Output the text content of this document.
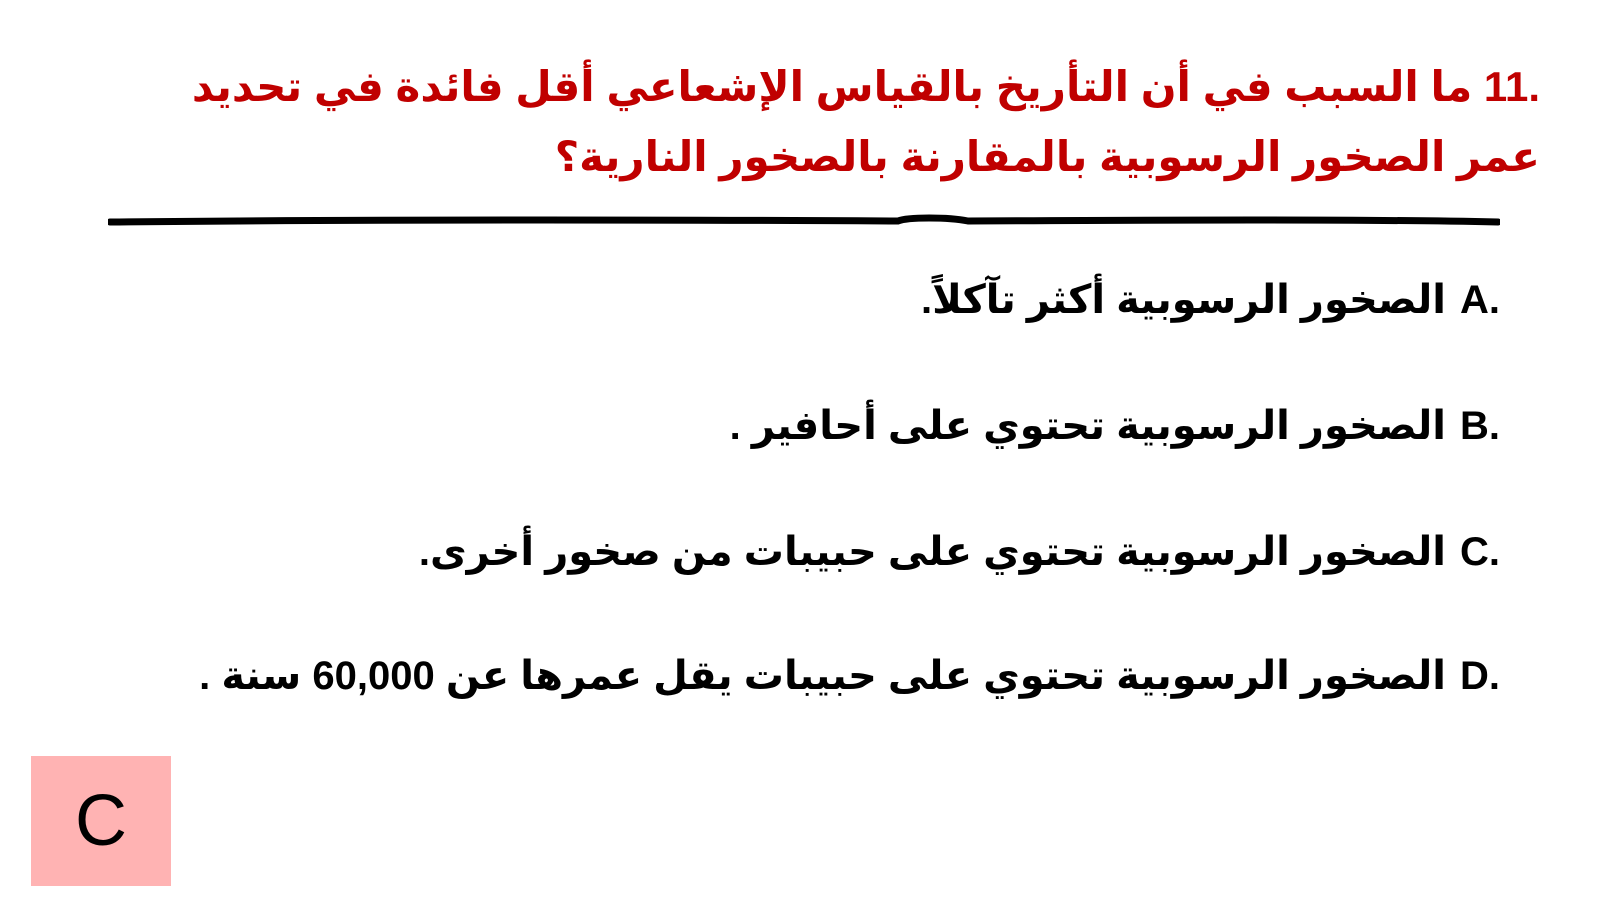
11. ما السبب في أن التأريخ بالقياس الإشعاعي أقل فائدة في تحديد عمر الصخور الرسوبية بالمقارنة بالصخور النارية؟
A.الصخور الرسوبية أكثر تآكلاً.
B.الصخور الرسوبية تحتوي على أحافير .
C.الصخور الرسوبية تحتوي على حبيبات من صخور أخرى.
D.الصخور الرسوبية تحتوي على حبيبات يقل عمرها عن 60,000 سنة .
C
